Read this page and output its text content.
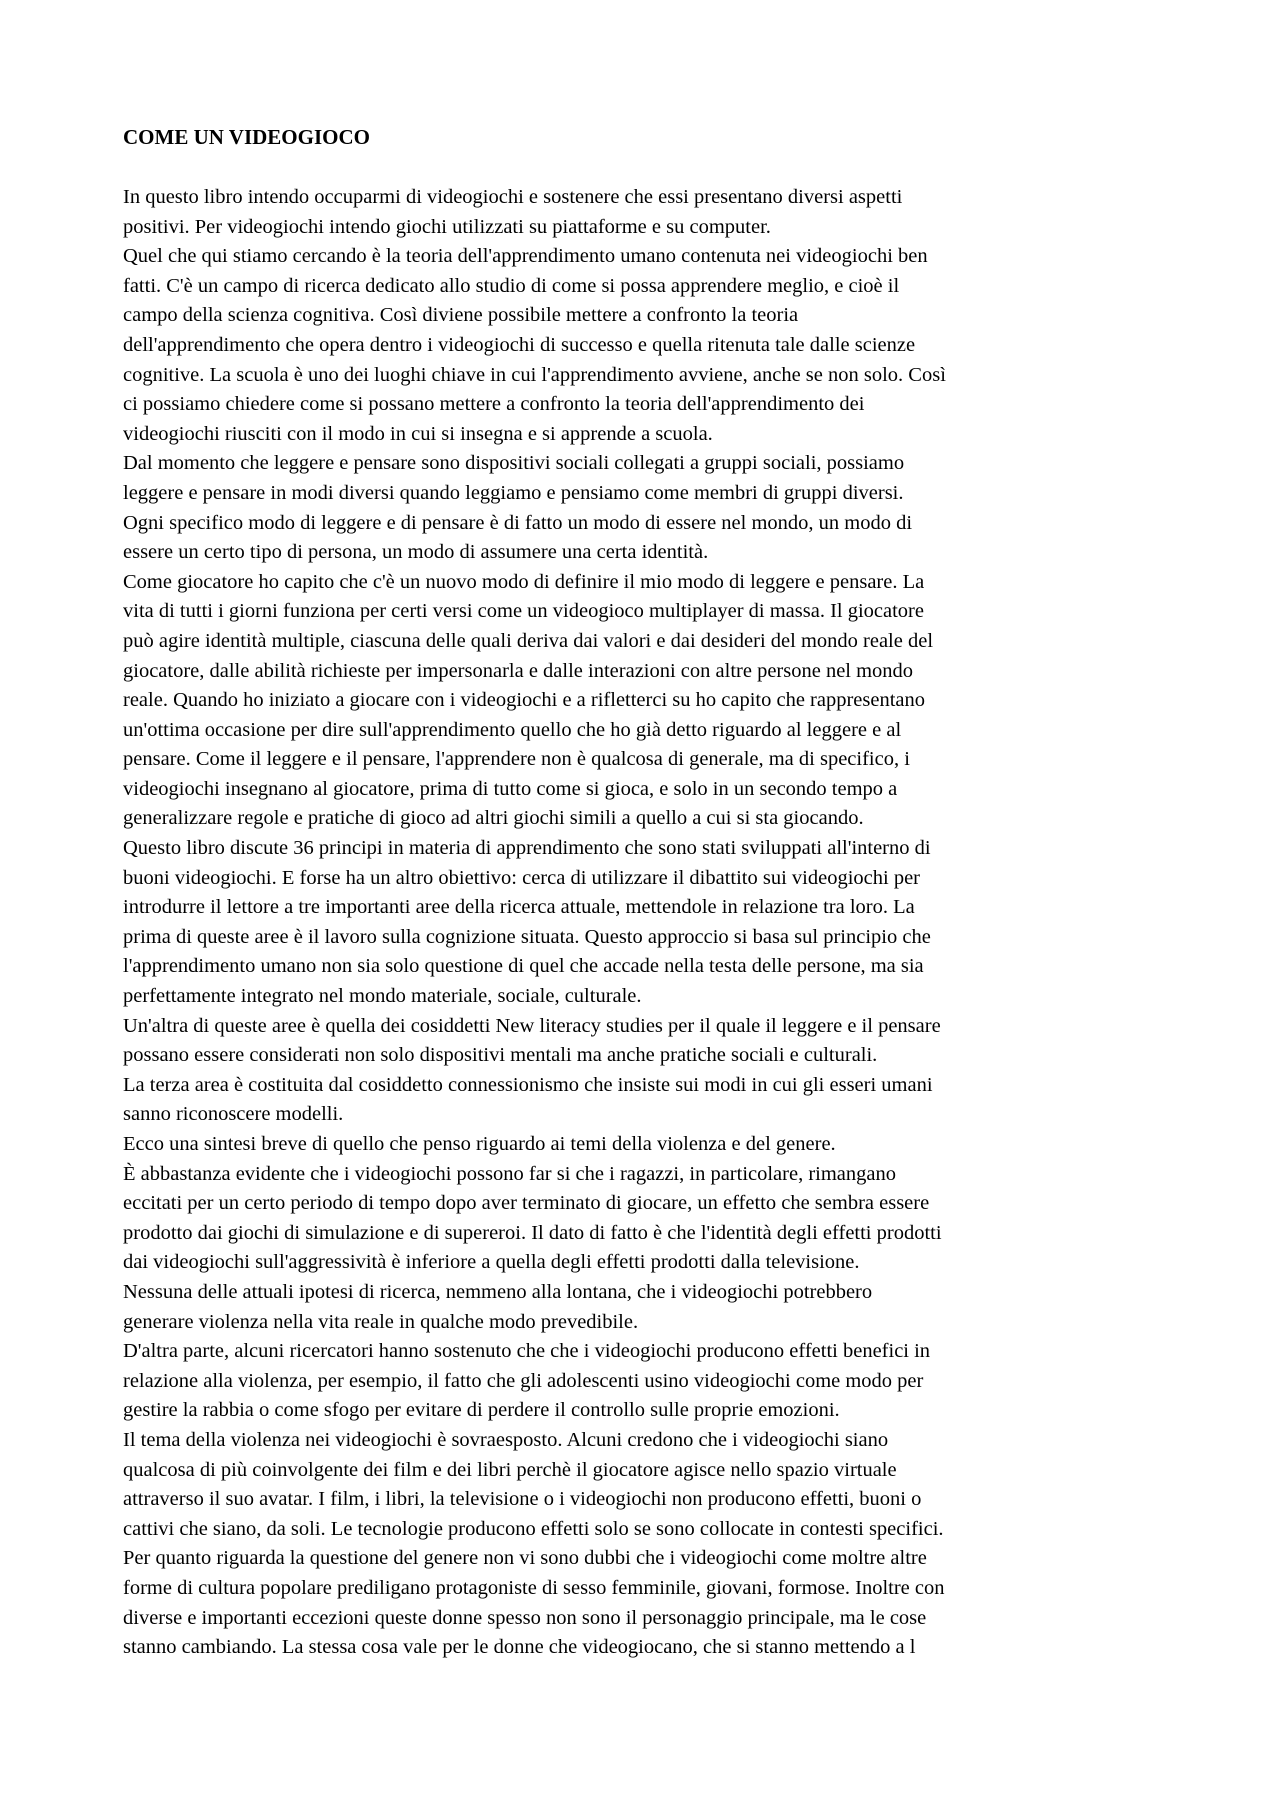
COME UN VIDEOGIOCO
In questo libro intendo occuparmi di videogiochi e sostenere che essi presentano diversi aspetti
positivi. Per videogiochi intendo giochi utilizzati su piattaforme e su computer.
Quel che qui stiamo cercando è la teoria dell'apprendimento umano contenuta nei videogiochi ben
fatti. C'è un campo di ricerca dedicato allo studio di come si possa apprendere meglio, e cioè il
campo della scienza cognitiva. Così diviene possibile mettere a confronto la teoria
dell'apprendimento che opera dentro i videogiochi di successo e quella ritenuta tale dalle scienze
cognitive. La scuola è uno dei luoghi chiave in cui l'apprendimento avviene, anche se non solo. Così
ci possiamo chiedere come si possano mettere a confronto la teoria dell'apprendimento dei
videogiochi riusciti con il modo in cui si insegna e si apprende a scuola.
Dal momento che leggere e pensare sono dispositivi sociali collegati a gruppi sociali, possiamo
leggere e pensare in modi diversi quando leggiamo e pensiamo come membri di gruppi diversi.
Ogni specifico modo di leggere e di pensare è di fatto un modo di essere nel mondo, un modo di
essere un certo tipo di persona, un modo di assumere una certa identità.
Come giocatore ho capito che c'è un nuovo modo di definire il mio modo di leggere e pensare. La
vita di tutti i giorni funziona per certi versi come un videogioco multiplayer di massa. Il giocatore
può agire identità multiple, ciascuna delle quali deriva dai valori e dai desideri del mondo reale del
giocatore, dalle abilità richieste per impersonarla e dalle interazioni con altre persone nel mondo
reale. Quando ho iniziato a giocare con i videogiochi e a rifletterci su ho capito che rappresentano
un'ottima occasione per dire sull'apprendimento quello che ho già detto riguardo al leggere e al
pensare. Come il leggere e il pensare, l'apprendere non è qualcosa di generale, ma di specifico, i
videogiochi insegnano al giocatore, prima di tutto come si gioca, e solo in un secondo tempo a
generalizzare regole e pratiche di gioco ad altri giochi simili a quello a cui si sta giocando.
Questo libro discute 36 principi in materia di apprendimento che sono stati sviluppati all'interno di
buoni videogiochi. E forse ha un altro obiettivo: cerca di utilizzare il dibattito sui videogiochi per
introdurre il lettore a tre importanti aree della ricerca attuale, mettendole in relazione tra loro. La
prima di queste aree è il lavoro sulla cognizione situata. Questo approccio si basa sul principio che
l'apprendimento umano non sia solo questione di quel che accade nella testa delle persone, ma sia
perfettamente integrato nel mondo materiale, sociale, culturale.
Un'altra di queste aree è quella dei cosiddetti New literacy studies per il quale il leggere e il pensare
possano essere considerati non solo dispositivi mentali ma anche pratiche sociali e culturali.
La terza area è costituita dal cosiddetto connessionismo che insiste sui modi in cui gli esseri umani
sanno riconoscere modelli.
Ecco una sintesi breve di quello che penso riguardo ai temi della violenza e del genere.
È abbastanza evidente che i videogiochi possono far si che i ragazzi, in particolare, rimangano
eccitati per un certo periodo di tempo dopo aver terminato di giocare, un effetto che sembra essere
prodotto dai giochi di simulazione e di supereroi. Il dato di fatto è che l'identità degli effetti prodotti
dai videogiochi sull'aggressività è inferiore a quella degli effetti prodotti dalla televisione.
Nessuna delle attuali ipotesi di ricerca, nemmeno alla lontana, che i videogiochi potrebbero
generare violenza nella vita reale in qualche modo prevedibile.
D'altra parte, alcuni ricercatori hanno sostenuto che che i videogiochi producono effetti benefici in
relazione alla violenza, per esempio, il fatto che gli adolescenti usino videogiochi come modo per
gestire la rabbia o come sfogo per evitare di perdere il controllo sulle proprie emozioni.
Il tema della violenza nei videogiochi è sovraesposto. Alcuni credono che i videogiochi siano
qualcosa di più coinvolgente dei film e dei libri perchè il giocatore agisce nello spazio virtuale
attraverso il suo avatar. I film, i libri, la televisione o i videogiochi non producono effetti, buoni o
cattivi che siano, da soli. Le tecnologie producono effetti solo se sono collocate in contesti specifici.
Per quanto riguarda la questione del genere non vi sono dubbi che i videogiochi come moltre altre
forme di cultura popolare prediligano protagoniste di sesso femminile, giovani, formose. Inoltre con
diverse e importanti eccezioni queste donne spesso non sono il personaggio principale, ma le cose
stanno cambiando. La stessa cosa vale per le donne che videogiocano, che si stanno mettendo a l
